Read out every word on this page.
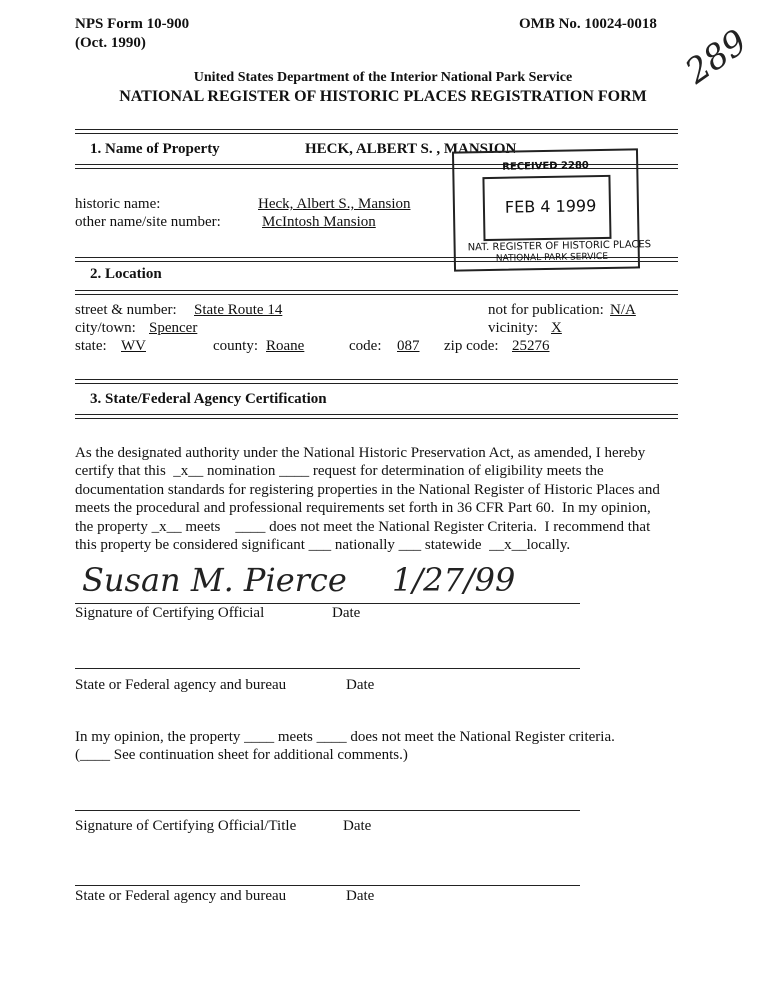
NPS Form 10-900
(Oct. 1990)
OMB No. 10024-0018 289
United States Department of the Interior National Park Service
NATIONAL REGISTER OF HISTORIC PLACES REGISTRATION FORM
1. Name of Property	HECK, ALBERT S. , MANSION
historic name:	Heck, Albert S., Mansion
other name/site number:	McIntosh Mansion
RECEIVED 2280
FEB 4 1999
NAT. REGISTER OF HISTORIC PLACES
NATIONAL PARK SERVICE
2. Location
street & number: State Route 14	not for publication: N/A
city/town: Spencer	vicinity: X
state: WV	county: Roane	code: 087 zip code: 25276
3. State/Federal Agency Certification
As the designated authority under the National Historic Preservation Act, as amended, I hereby
certify that this  _x__ nomination ____ request for determination of eligibility meets the
documentation standards for registering properties in the National Register of Historic Places and
meets the procedural and professional requirements set forth in 36 CFR Part 60.  In my opinion,
the property _x__ meets    ____ does not meet the National Register Criteria.  I recommend that
this property be considered significant ___ nationally ___ statewide  __x__locally.
Susan M. Pierce 1/27/99
Signature of Certifying Official	Date
State or Federal agency and bureau	Date
In my opinion, the property ____ meets ____ does not meet the National Register criteria.
(____ See continuation sheet for additional comments.)
Signature of Certifying Official/Title	Date
State or Federal agency and bureau	Date
